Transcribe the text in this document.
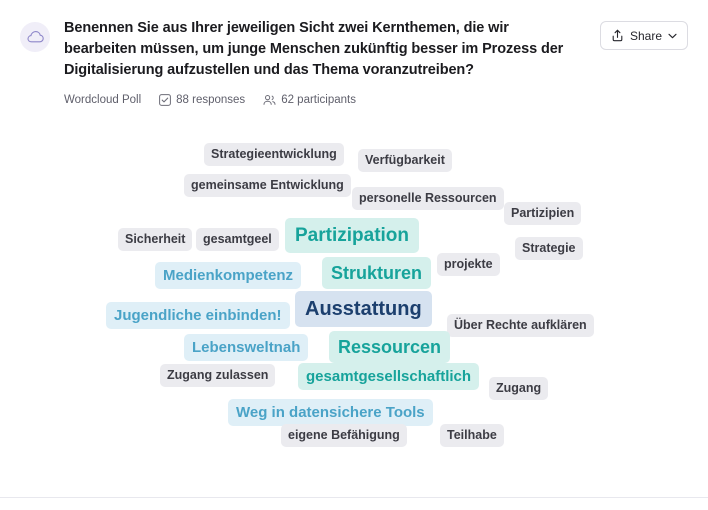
Benennen Sie aus Ihrer jeweiligen Sicht zwei Kernthemen, die wir bearbeiten müssen, um junge Menschen zukünftig besser im Prozess der Digitalisierung aufzustellen und das Thema voranzutreiben?
Wordcloud Poll	88 responses	62 participants
Share
Strategieentwicklung	Verfügbarkeit
gemeinsame Entwicklung
personelle Ressourcen
Partizipien
Partizipation
Sicherheit	gesamtgeel
Strategie
Medienkompetenz	Strukturen	projekte
Jugendliche einbinden!	Ausstattung
Über Rechte aufklären
Lebensweltnah	Ressourcen
Zugang zulassen	gesamtgesellschaftlich
Zugang
Weg in datensichere Tools
eigene Befähigung	Teilhabe
